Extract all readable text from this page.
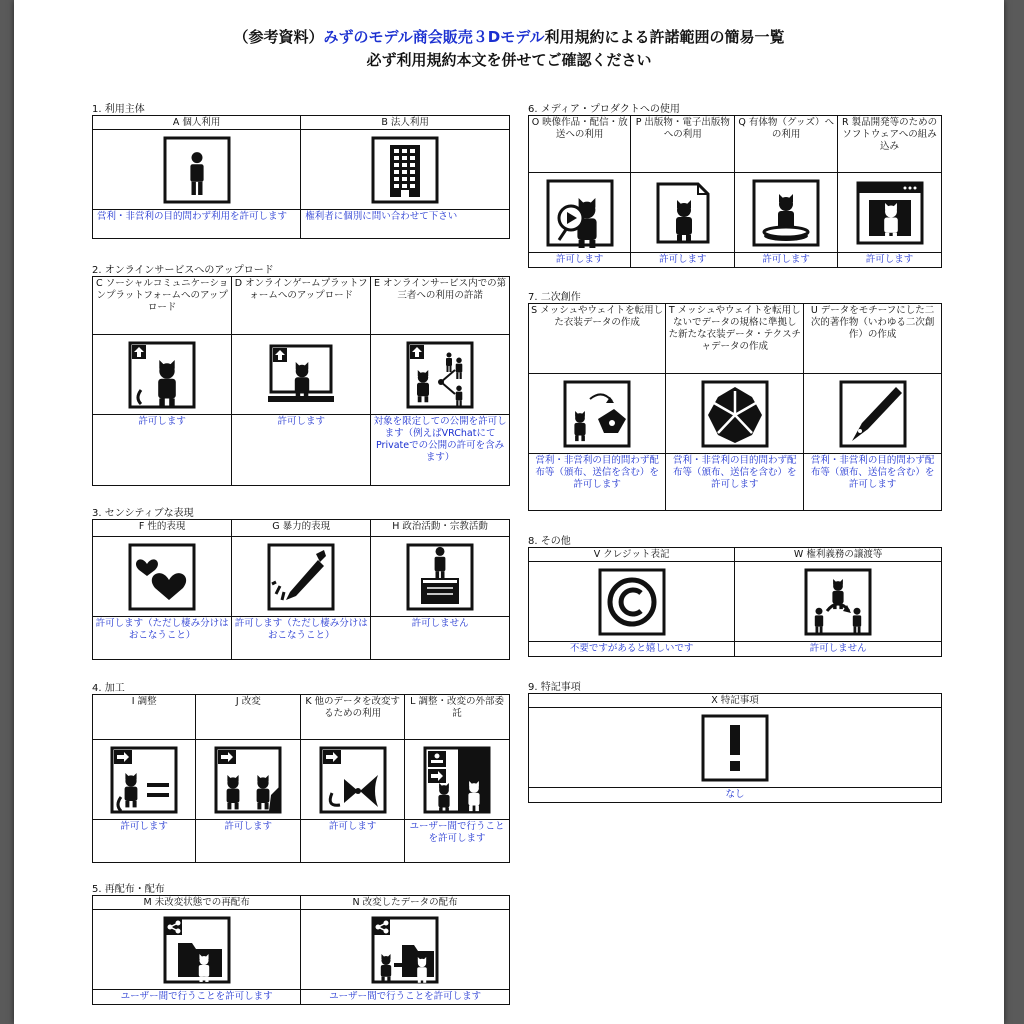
（参考資料）みずのモデル商会販売３Dモデル利用規約による許諾範囲の簡易一覧
必ず利用規約本文を併せてご確認ください
1. 利用主体
A 個人利用
営利・非営利の目的問わず利用を許可します
B 法人利用
権利者に個別に問い合わせて下さい
2. オンラインサービスへのアップロード
C ソーシャルコミュニケーションプラットフォームへのアップロード
許可します
D オンラインゲームプラットフォームへのアップロード
許可します
E オンラインサービス内での第三者への利用の許諾
対象を限定しての公開を許可します（例えばVRChatにてPrivateでの公開の許可を含みます）
3. センシティブな表現
F 性的表現
許可します（ただし棲み分けはおこなうこと）
G 暴力的表現
許可します（ただし棲み分けはおこなうこと）
H 政治活動・宗教活動
許可しません
4. 加工
I 調整
許可します
J 改変
許可します
K 他のデータを改変するための利用
許可します
L 調整・改変の外部委託
ユーザー間で行うことを許可します
5. 再配布・配布
M 未改変状態での再配布
ユーザー間で行うことを許可します
N 改変したデータの配布
ユーザー間で行うことを許可します
6. メディア・プロダクトへの使用
O 映像作品・配信・放送への利用
許可します
P 出版物・電子出版物への利用
許可します
Q 有体物（グッズ）への利用
許可します
R 製品開発等のためのソフトウェアへの組み込み
許可します
7. 二次創作
S メッシュやウェイトを転用した衣装データの作成
営利・非営利の目的問わず配布等（頒布、送信を含む）を許可します
T メッシュやウェイトを転用しないでデータの規格に準拠した新たな衣装データ・テクスチャデータの作成
営利・非営利の目的問わず配布等（頒布、送信を含む）を許可します
U データをモチーフにした二次的著作物（いわゆる二次創作）の作成
営利・非営利の目的問わず配布等（頒布、送信を含む）を許可します
8. その他
V クレジット表記
不要ですがあると嬉しいです
W 権利義務の譲渡等
許可しません
9. 特記事項
X 特記事項
なし
